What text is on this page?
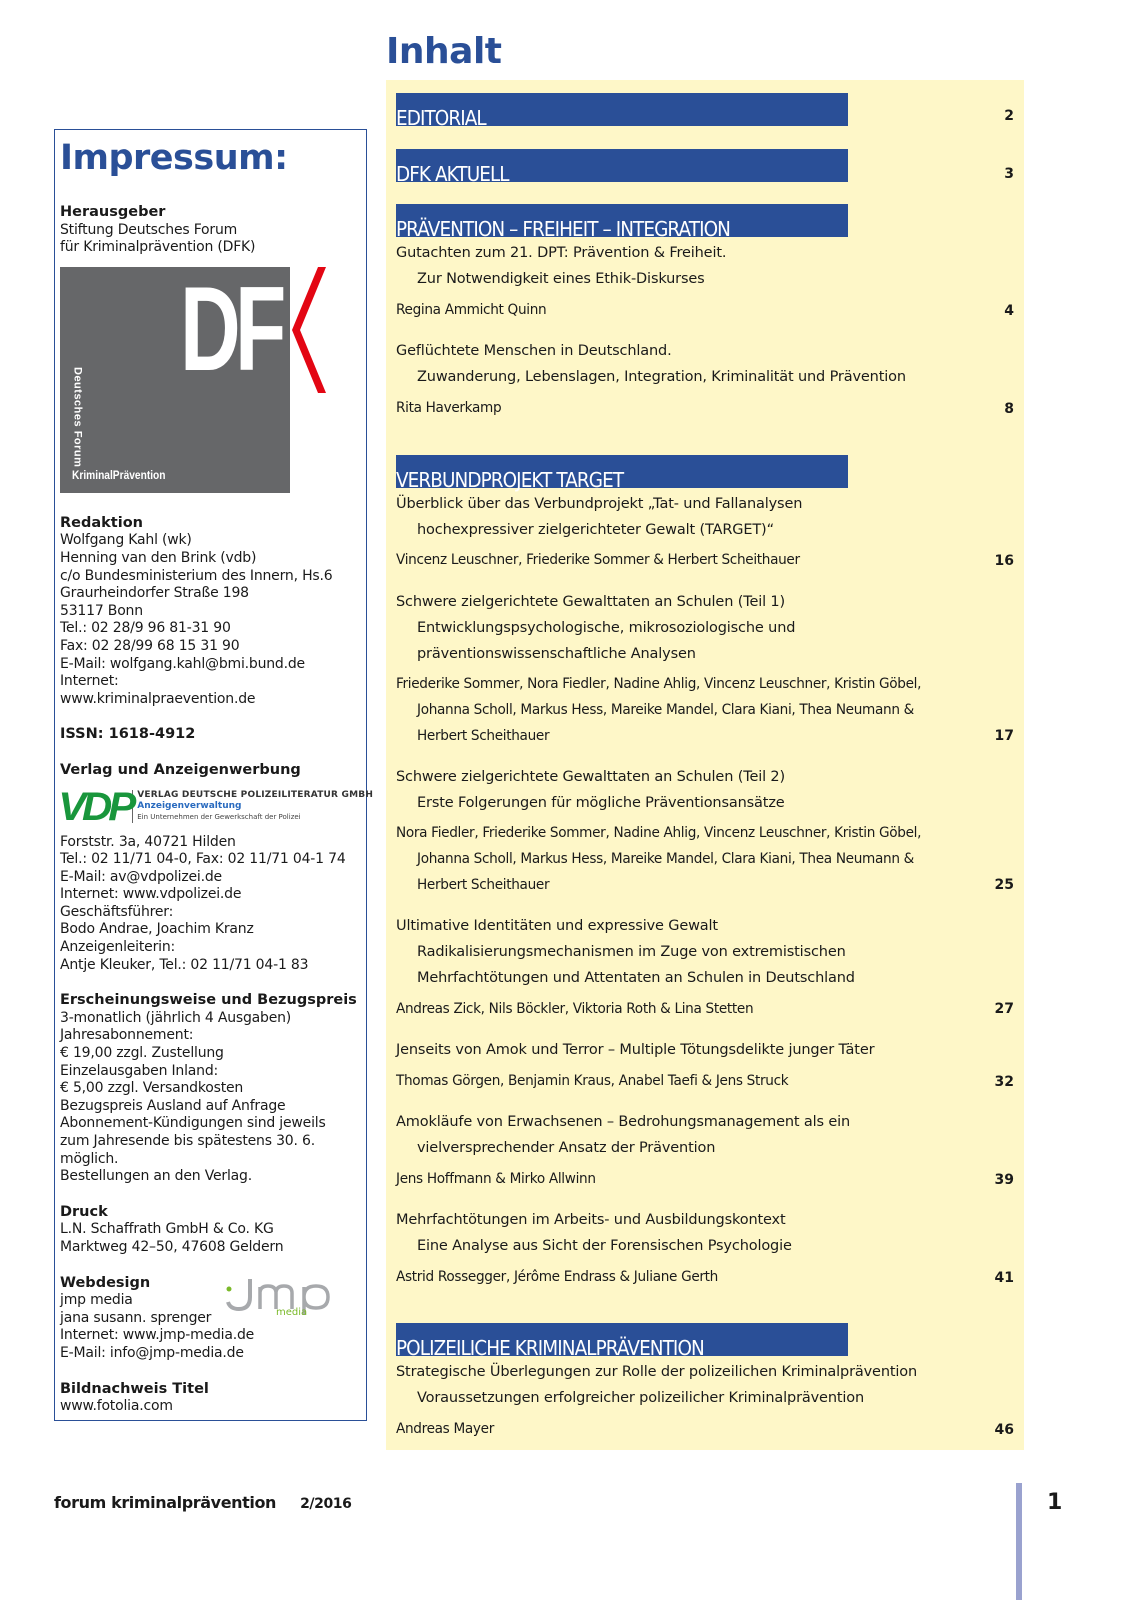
Impressum:
Herausgeber
Stiftung Deutsches Forum
für Kriminalprävention (DFK)
DF
Deutsches Forum
KriminalPrävention
Redaktion
Wolfgang Kahl (wk)
Henning van den Brink (vdb)
c/o Bundesministerium des Innern, Hs.6
Graurheindorfer Straße 198
53117 Bonn
Tel.: 02 28/9 96 81-31 90
Fax: 02 28/99 68 15 31 90
E-Mail: wolfgang.kahl@bmi.bund.de
Internet:
www.kriminalpraevention.de
ISSN: 1618-4912
Verlag und Anzeigenwerbung
VDP VERLAG DEUTSCHE POLIZEILITERATUR GMBH
Anzeigenverwaltung
Ein Unternehmen der Gewerkschaft der Polizei
Forststr. 3a, 40721 Hilden
Tel.: 02 11/71 04-0, Fax: 02 11/71 04-1 74
E-Mail: av@vdpolizei.de
Internet: www.vdpolizei.de
Geschäftsführer:
Bodo Andrae, Joachim Kranz
Anzeigenleiterin:
Antje Kleuker, Tel.: 02 11/71 04-1 83
Erscheinungsweise und Bezugspreis
3-monatlich (jährlich 4 Ausgaben)
Jahresabonnement:
€ 19,00 zzgl. Zustellung
Einzelausgaben Inland:
€ 5,00 zzgl. Versandkosten
Bezugspreis Ausland auf Anfrage
Abonnement-Kündigungen sind jeweils
zum Jahresende bis spätestens 30. 6.
möglich.
Bestellungen an den Verlag.
Druck
L.N. Schaffrath GmbH & Co. KG
Marktweg 42–50, 47608 Geldern
Webdesign
jmp media
jana susann. sprenger
Internet: www.jmp-media.de
E-Mail: info@jmp-media.de
media
Bildnachweis Titel
www.fotolia.com
Inhalt
EDITORIAL	2
DFK AKTUELL	3
PRÄVENTION – FREIHEIT – INTEGRATION
Gutachten zum 21. DPT: Prävention & Freiheit.
Zur Notwendigkeit eines Ethik-Diskurses
Regina Ammicht Quinn	4
Geflüchtete Menschen in Deutschland.
Zuwanderung, Lebenslagen, Integration, Kriminalität und Prävention
Rita Haverkamp	8
VERBUNDPROJEKT TARGET
Überblick über das Verbundprojekt „Tat- und Fallanalysen
hochexpressiver zielgerichteter Gewalt (TARGET)“
Vincenz Leuschner, Friederike Sommer & Herbert Scheithauer	16
Schwere zielgerichtete Gewalttaten an Schulen (Teil 1)
Entwicklungspsychologische, mikrosoziologische und
präventionswissenschaftliche Analysen
Friederike Sommer, Nora Fiedler, Nadine Ahlig, Vincenz Leuschner, Kristin Göbel,
Johanna Scholl, Markus Hess, Mareike Mandel, Clara Kiani, Thea Neumann &
Herbert Scheithauer	17
Schwere zielgerichtete Gewalttaten an Schulen (Teil 2)
Erste Folgerungen für mögliche Präventionsansätze
Nora Fiedler, Friederike Sommer, Nadine Ahlig, Vincenz Leuschner, Kristin Göbel,
Johanna Scholl, Markus Hess, Mareike Mandel, Clara Kiani, Thea Neumann &
Herbert Scheithauer	25
Ultimative Identitäten und expressive Gewalt
Radikalisierungsmechanismen im Zuge von extremistischen
Mehrfachtötungen und Attentaten an Schulen in Deutschland
Andreas Zick, Nils Böckler, Viktoria Roth & Lina Stetten	27
Jenseits von Amok und Terror – Multiple Tötungsdelikte junger Täter
Thomas Görgen, Benjamin Kraus, Anabel Taefi & Jens Struck	32
Amokläufe von Erwachsenen – Bedrohungsmanagement als ein
vielversprechender Ansatz der Prävention
Jens Hoffmann & Mirko Allwinn	39
Mehrfachtötungen im Arbeits- und Ausbildungskontext
Eine Analyse aus Sicht der Forensischen Psychologie
Astrid Rossegger, Jérôme Endrass & Juliane Gerth	41
POLIZEILICHE KRIMINALPRÄVENTION
Strategische Überlegungen zur Rolle der polizeilichen Kriminalprävention
Voraussetzungen erfolgreicher polizeilicher Kriminalprävention
Andreas Mayer	46
forum kriminalprävention 2/2016	1
